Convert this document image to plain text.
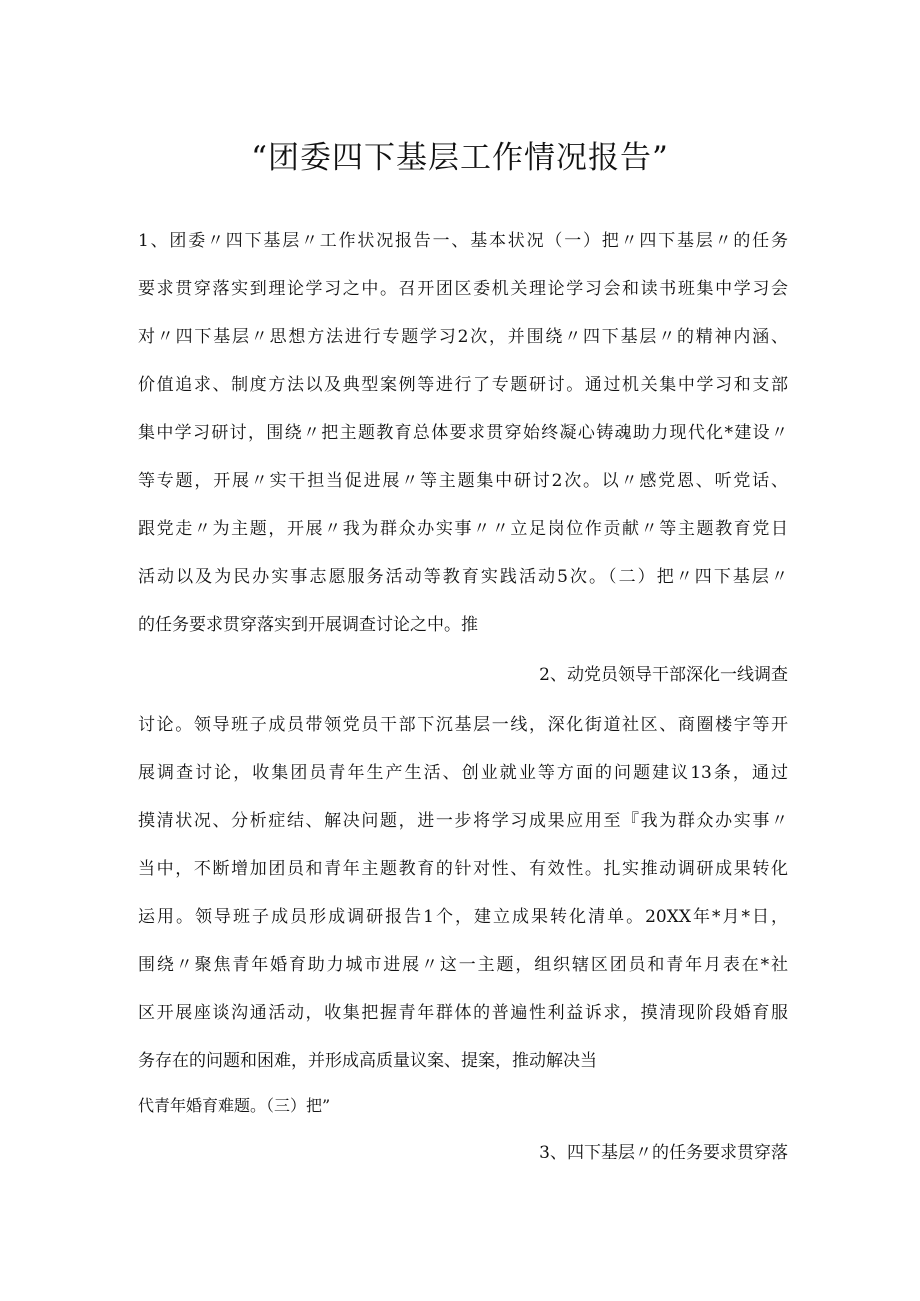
“团委四下基层工作情况报告”
1、团委〃四下基层〃工作状况报告一、基本状况（一）把〃四下基层〃的任务
要求贯穿落实到理论学习之中。召开团区委机关理论学习会和读书班集中学习会
对〃四下基层〃思想方法进行专题学习2次，并围绕〃四下基层〃的精神内涵、
价值追求、制度方法以及典型案例等进行了专题研讨。通过机关集中学习和支部
集中学习研讨，围绕〃把主题教育总体要求贯穿始终凝心铸魂助力现代化*建设〃
等专题，开展〃实干担当促进展〃等主题集中研讨2次。以〃感党恩、听党话、
跟党走〃为主题，开展〃我为群众办实事〃〃立足岗位作贡献〃等主题教育党日
活动以及为民办实事志愿服务活动等教育实践活动5次。（二）把〃四下基层〃
的任务要求贯穿落实到开展调查讨论之中。推
2、动党员领导干部深化一线调查
讨论。领导班子成员带领党员干部下沉基层一线，深化街道社区、商圈楼宇等开
展调查讨论，收集团员青年生产生活、创业就业等方面的问题建议13条，通过
摸清状况、分析症结、解决问题，进一步将学习成果应用至『我为群众办实事〃
当中，不断增加团员和青年主题教育的针对性、有效性。扎实推动调研成果转化
运用。领导班子成员形成调研报告1个，建立成果转化清单。20XX年*月*日，
围绕〃聚焦青年婚育助力城市进展〃这一主题，组织辖区团员和青年月表在*社
区开展座谈沟通活动，收集把握青年群体的普遍性利益诉求，摸清现阶段婚育服
务存在的问题和困难，并形成高质量议案、提案，推动解决当
代青年婚育难题。（三）把”
3、四下基层〃的任务要求贯穿落
